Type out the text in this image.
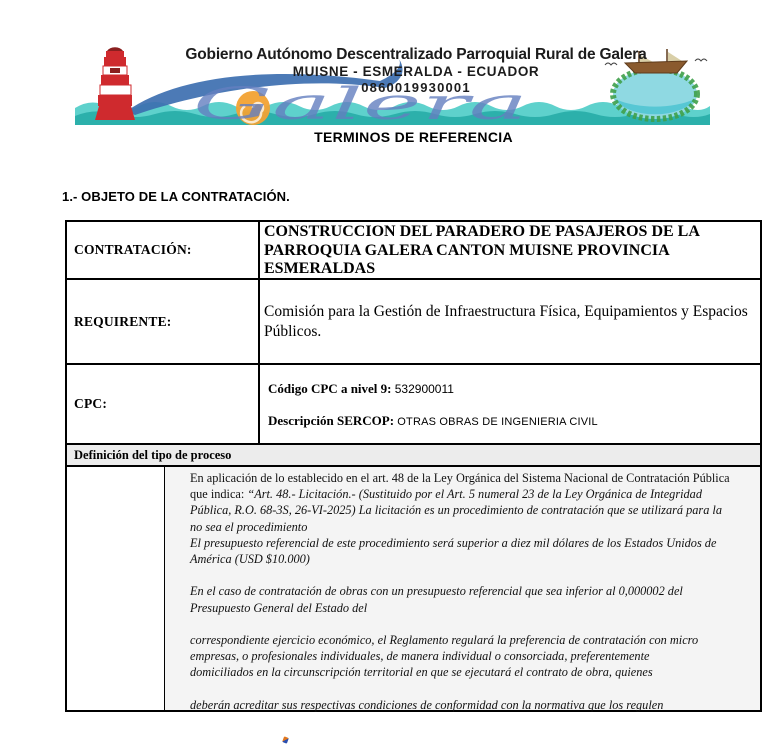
Galera
Gobierno Autónomo Descentralizado Parroquial Rural de Galera
MUISNE - ESMERALDA - ECUADOR
0860019930001
TERMINOS DE REFERENCIA
1.- OBJETO DE LA CONTRATACIÓN.
CONTRATACIÓN:
CONSTRUCCION DEL PARADERO DE PASAJEROS DE LA PARROQUIA GALERA CANTON MUISNE PROVINCIA ESMERALDAS
REQUIRENTE:
Comisión para la Gestión de Infraestructura Física, Equipamientos y Espacios Públicos.
CPC:
Código CPC a nivel 9: 532900011
Descripción SERCOP: OTRAS OBRAS DE INGENIERIA CIVIL
Definición del tipo de proceso
En aplicación de lo establecido en el art. 48 de la Ley Orgánica del Sistema Nacional de Contratación Pública
que indica: “Art. 48.- Licitación.- (Sustituido por el Art. 5 numeral 23 de la Ley Orgánica de Integridad
Pública, R.O. 68-3S, 26-VI-2025) La licitación es un procedimiento de contratación que se utilizará para la
no sea el procedimiento
El presupuesto referencial de este procedimiento será superior a diez mil dólares de los Estados Unidos de
América (USD $10.000)

En el caso de contratación de obras con un presupuesto referencial que sea inferior al 0,000002 del
Presupuesto General del Estado del

correspondiente ejercicio económico, el Reglamento regulará la preferencia de contratación con micro
empresas, o profesionales individuales, de manera individual o consorciada, preferentemente
domiciliados en la circunscripción territorial en que se ejecutará el contrato de obra, quienes

deberán acreditar sus respectivas condiciones de conformidad con la normativa que los regulen
